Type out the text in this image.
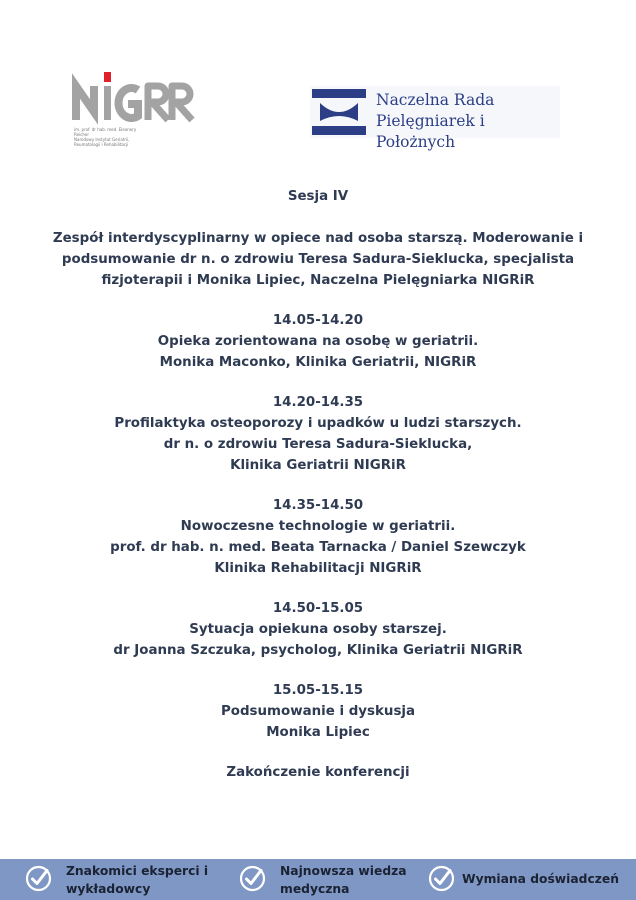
im. prof. dr hab. med. Eleonory Reicher
Narodowy Instytut Geriatrii,
Reumatologii i Rehabilitacji
Naczelna Rada
Pielęgniarek i Położnych

Sesja IV

Zespół interdyscyplinarny w opiece nad osoba starszą. Moderowanie i

podsumowanie dr n. o zdrowiu Teresa Sadura-Sieklucka, specjalista

fizjoterapii i Monika Lipiec, Naczelna Pielęgniarka NIGRiR

14.05-14.20

Opieka zorientowana na osobę w geriatrii.

Monika Maconko, Klinika Geriatrii, NIGRiR

14.20-14.35

Profilaktyka osteoporozy i upadków u ludzi starszych.

dr n. o zdrowiu Teresa Sadura-Sieklucka,

Klinika Geriatrii NIGRiR

14.35-14.50

Nowoczesne technologie w geriatrii.

prof. dr hab. n. med. Beata Tarnacka / Daniel Szewczyk

Klinika Rehabilitacji NIGRiR

14.50-15.05

Sytuacja opiekuna osoby starszej.

dr Joanna Szczuka, psycholog, Klinika Geriatrii NIGRiR

15.05-15.15

Podsumowanie i dyskusja

Monika Lipiec

Zakończenie konferencji

Znakomici eksperci i
wykładowcy
Najnowsza wiedza
medyczna
Wymiana doświadczeń
